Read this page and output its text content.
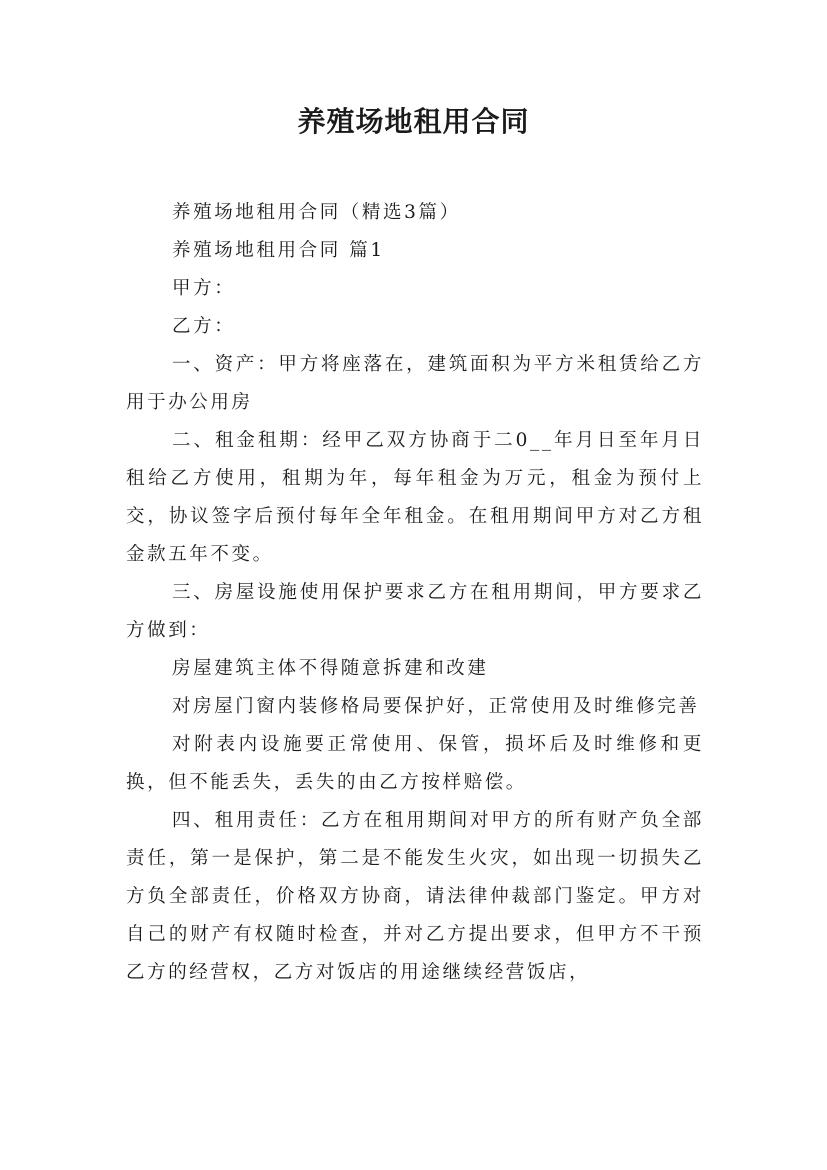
养殖场地租用合同

养殖场地租用合同（精选3篇）

养殖场地租用合同 篇1

甲方：

乙方：

一、资产：甲方将座落在，建筑面积为平方米租赁给乙方用于办公用房

二、租金租期：经甲乙双方协商于二0__年月日至年月日租给乙方使用，租期为年，每年租金为万元，租金为预付上交，协议签字后预付每年全年租金。在租用期间甲方对乙方租金款五年不变。

三、房屋设施使用保护要求乙方在租用期间，甲方要求乙方做到：

房屋建筑主体不得随意拆建和改建

对房屋门窗内装修格局要保护好，正常使用及时维修完善

对附表内设施要正常使用、保管，损坏后及时维修和更换，但不能丢失，丢失的由乙方按样赔偿。

四、租用责任：乙方在租用期间对甲方的所有财产负全部责任，第一是保护，第二是不能发生火灾，如出现一切损失乙方负全部责任，价格双方协商，请法律仲裁部门鉴定。甲方对自己的财产有权随时检查，并对乙方提出要求，但甲方不干预乙方的经营权，乙方对饭店的用途继续经营饭店，
